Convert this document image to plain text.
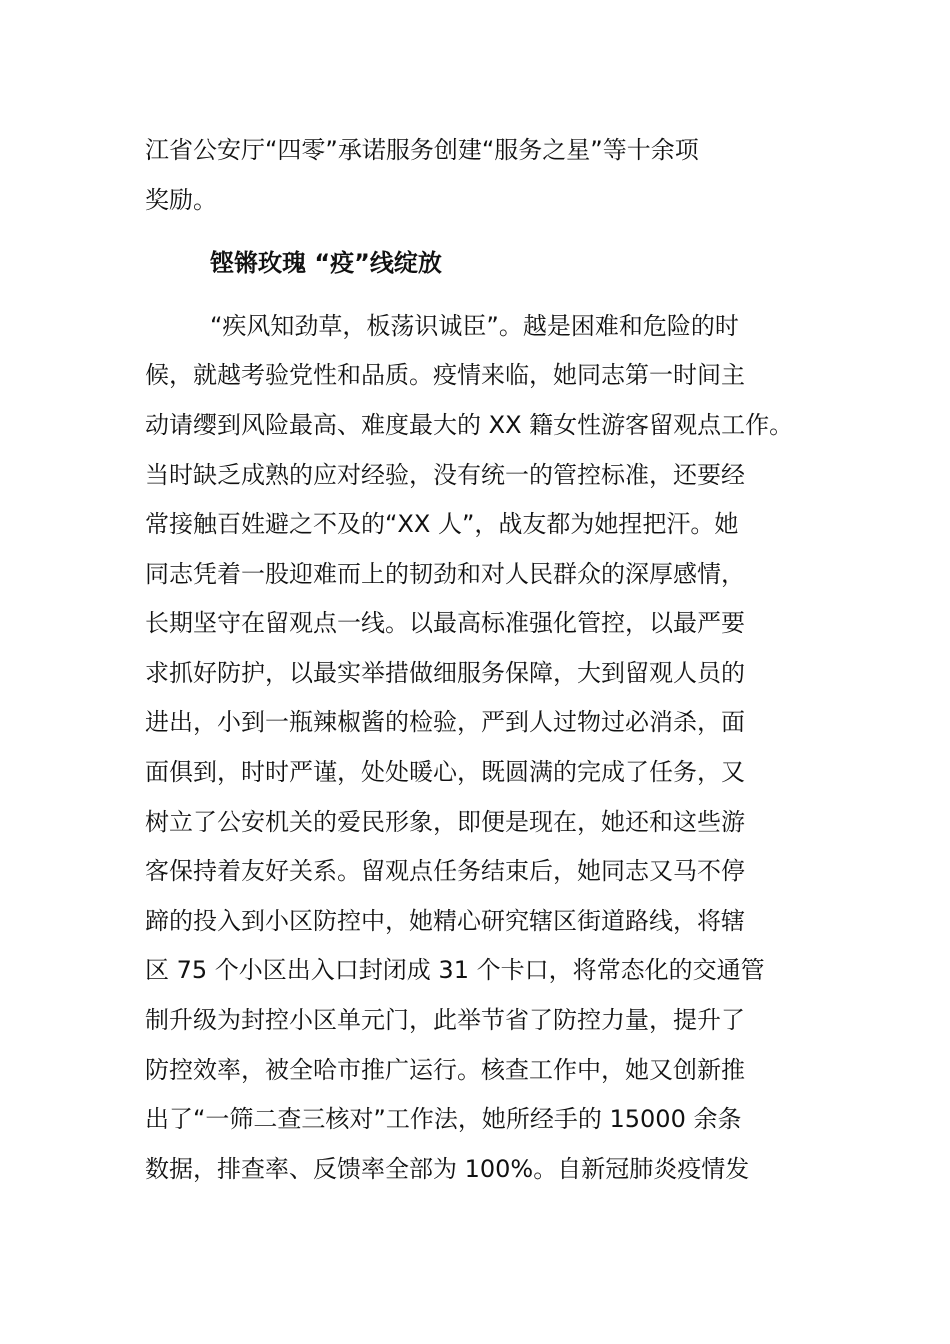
江省公安厅“四零”承诺服务创建“服务之星”等十余项
奖励。
铿锵玫瑰 “疫”线绽放
“疾风知劲草，板荡识诚臣”。越是困难和危险的时
候，就越考验党性和品质。疫情来临，她同志第一时间主
动请缨到风险最高、难度最大的 XX 籍女性游客留观点工作。
当时缺乏成熟的应对经验，没有统一的管控标准，还要经
常接触百姓避之不及的“XX 人”，战友都为她捏把汗。她
同志凭着一股迎难而上的韧劲和对人民群众的深厚感情，
长期坚守在留观点一线。以最高标准强化管控，以最严要
求抓好防护，以最实举措做细服务保障，大到留观人员的
进出，小到一瓶辣椒酱的检验，严到人过物过必消杀，面
面俱到，时时严谨，处处暖心，既圆满的完成了任务，又
树立了公安机关的爱民形象，即便是现在，她还和这些游
客保持着友好关系。留观点任务结束后，她同志又马不停
蹄的投入到小区防控中，她精心研究辖区街道路线，将辖
区 75 个小区出入口封闭成 31 个卡口，将常态化的交通管
制升级为封控小区单元门，此举节省了防控力量，提升了
防控效率，被全哈市推广运行。核查工作中，她又创新推
出了“一筛二查三核对”工作法，她所经手的 15000 余条
数据，排查率、反馈率全部为 100%。自新冠肺炎疫情发
